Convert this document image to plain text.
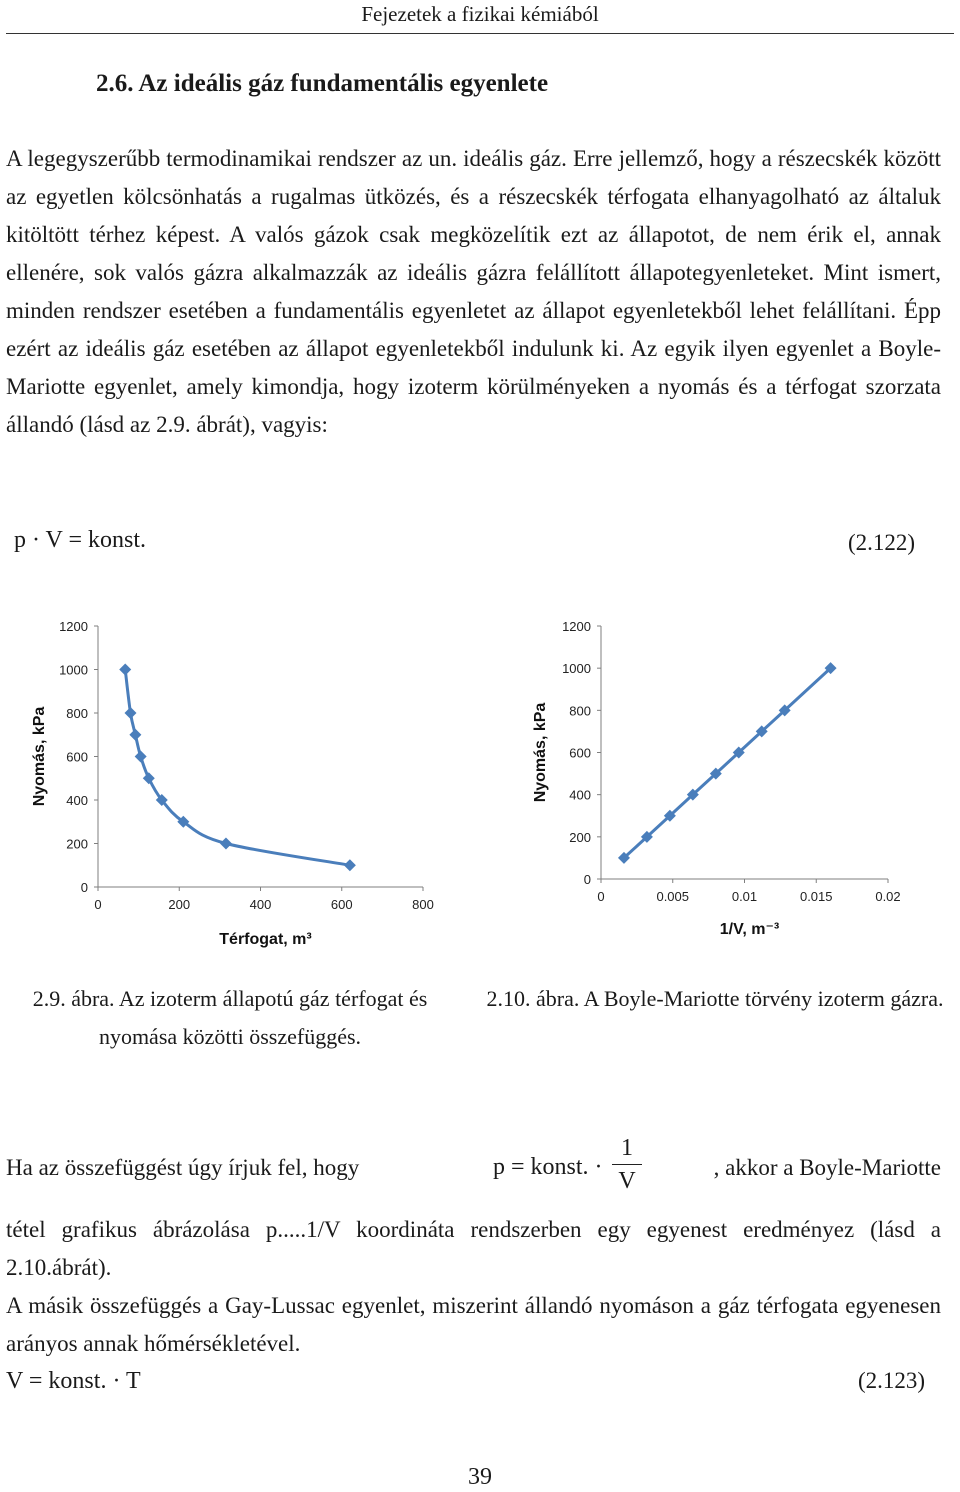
Fejezetek a fizikai kémiából
2.6. Az ideális gáz fundamentális egyenlete
A legegyszerűbb termodinamikai rendszer az un. ideális gáz. Erre jellemző, hogy a részecskék között az egyetlen kölcsönhatás a rugalmas ütközés, és a részecskék térfogata elhanyagolható az általuk kitöltött térhez képest. A valós gázok csak megközelítik ezt az állapotot, de nem érik el, annak ellenére, sok valós gázra alkalmazzák az ideális gázra felállított állapotegyenleteket. Mint ismert, minden rendszer esetében a fundamentális egyenletet az állapot egyenletekből lehet felállítani. Épp ezért az ideális gáz esetében az állapot egyenletekből indulunk ki. Az egyik ilyen egyenlet a Boyle-Mariotte egyenlet, amely kimondja, hogy izoterm körülményeken a nyomás és a térfogat szorzata állandó (lásd az 2.9. ábrát), vagyis:
p · V = konst.	(2.122)
0
200
400
600
800
1000
1200
0	200	400	600	800
Térfogat, m³
Nyomás, kPa
0
200
400
600
800
1000
1200
0	0.005	0.01	0.015	0.02
1/V, m⁻³
Nyomás, kPa
2.9. ábra. Az izoterm állapotú gáz térfogat és nyomása közötti összefüggés.
2.10. ábra. A Boyle-Mariotte törvény izoterm gázra.
Ha az összefüggést úgy írjuk fel, hogy	p = konst. ·
1
V
, akkor a Boyle-Mariotte
tétel grafikus ábrázolása p.....1/V koordináta rendszerben egy egyenest eredményez (lásd a 2.10.ábrát).
A másik összefüggés a Gay-Lussac egyenlet, miszerint állandó nyomáson a gáz térfogata egyenesen arányos annak hőmérsékletével.
V = konst. · T	(2.123)
39
